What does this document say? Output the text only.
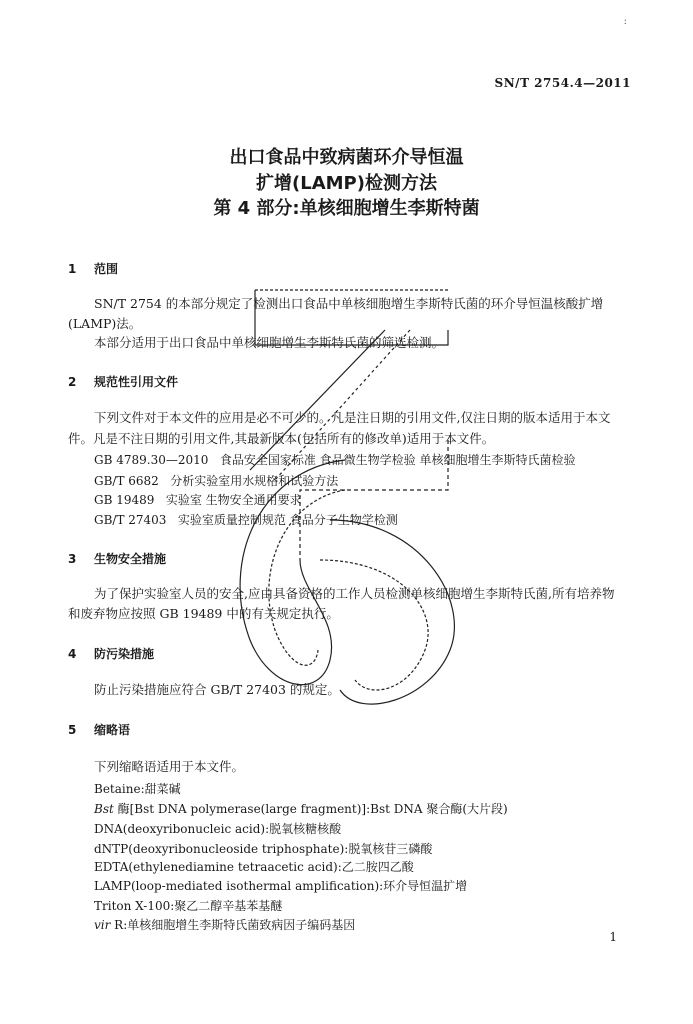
:
SN/T 2754.4—2011
出口食品中致病菌环介导恒温
扩增(LAMP)检测方法
第 4 部分:单核细胞增生李斯特菌
1 范围
SN/T 2754 的本部分规定了检测出口食品中单核细胞增生李斯特氏菌的环介导恒温核酸扩增
(LAMP)法。
本部分适用于出口食品中单核细胞增生李斯特氏菌的筛选检测。
2 规范性引用文件
下列文件对于本文件的应用是必不可少的。凡是注日期的引用文件,仅注日期的版本适用于本文
件。凡是不注日期的引用文件,其最新版本(包括所有的修改单)适用于本文件。
GB 4789.30—2010 食品安全国家标准 食品微生物学检验 单核细胞增生李斯特氏菌检验
GB/T 6682 分析实验室用水规格和试验方法
GB 19489 实验室 生物安全通用要求
GB/T 27403 实验室质量控制规范 食品分子生物学检测
3 生物安全措施
为了保护实验室人员的安全,应由具备资格的工作人员检测单核细胞增生李斯特氏菌,所有培养物
和废弃物应按照 GB 19489 中的有关规定执行。
4 防污染措施
防止污染措施应符合 GB/T 27403 的规定。
5 缩略语
下列缩略语适用于本文件。
Betaine:甜菜碱
Bst 酶[Bst DNA polymerase(large fragment)]:Bst DNA 聚合酶(大片段)
DNA(deoxyribonucleic acid):脱氧核糖核酸
dNTP(deoxyribonucleoside triphosphate):脱氧核苷三磷酸
EDTA(ethylenediamine tetraacetic acid):乙二胺四乙酸
LAMP(loop-mediated isothermal amplification):环介导恒温扩增
Triton X-100:聚乙二醇辛基苯基醚
vir R:单核细胞增生李斯特氏菌致病因子编码基因
1
